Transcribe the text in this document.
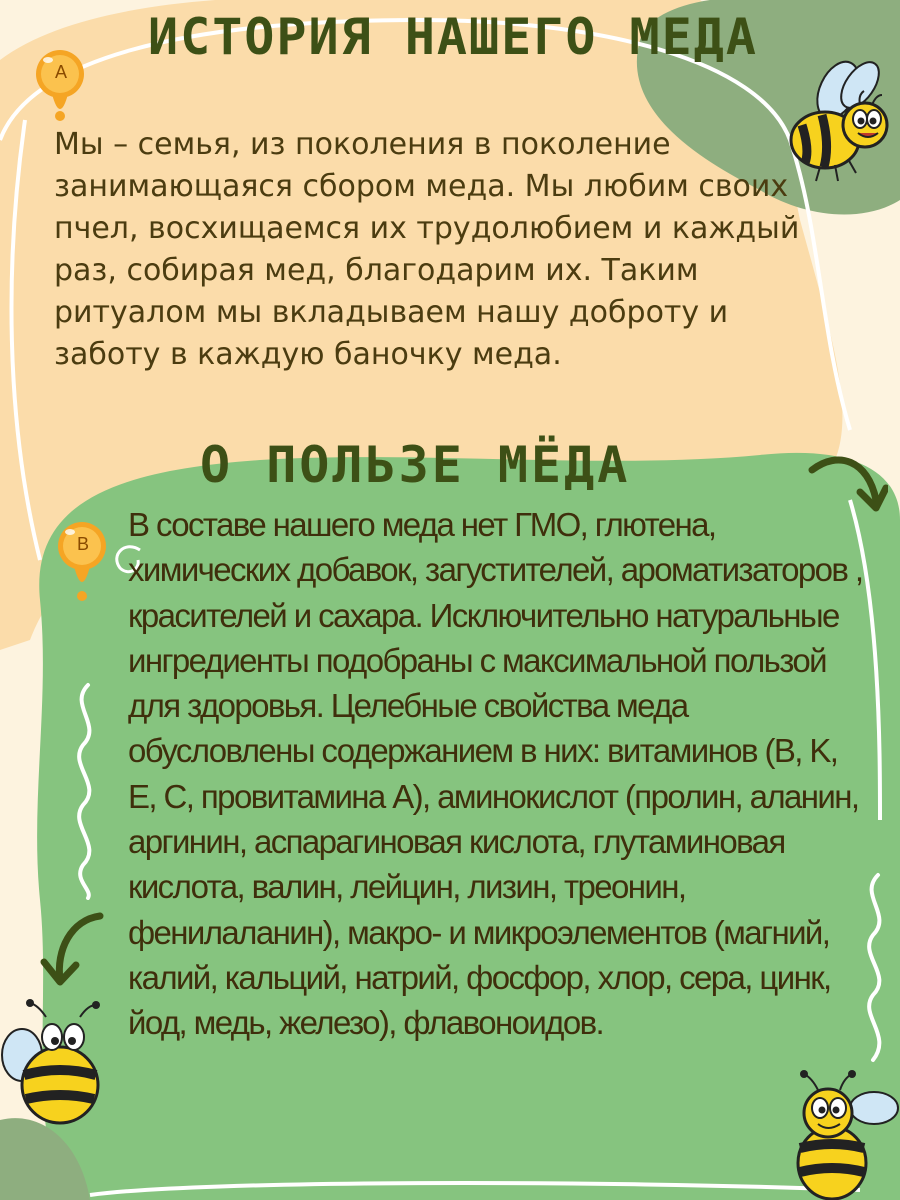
A
B
ИСТОРИЯ НАШЕГО МЕДА

Мы – семья, из поколения в поколение занимающаяся сбором меда. Мы любим своих пчел, восхищаемся их трудолюбием и каждый раз, собирая мед, благодарим их. Таким ритуалом мы вкладываем нашу доброту и заботу в каждую баночку меда.

О ПОЛЬЗЕ МЁДА

В составе нашего меда нет ГМО, глютена, химических добавок, загустителей, ароматизаторов , красителей и сахара. Исключительно натуральные ингредиенты подобраны с максимальной пользой для здоровья. Целебные свойства меда обусловлены содержанием в них: витаминов (B, K, E, C, провитамина А), аминокислот (пролин, аланин, аргинин, аспарагиновая кислота, глутаминовая кислота, валин, лейцин, лизин, треонин, фенилаланин), макро- и микроэлементов (магний, калий, кальций, натрий, фосфор, хлор, сера, цинк, йод, медь, железо), флавоноидов.
